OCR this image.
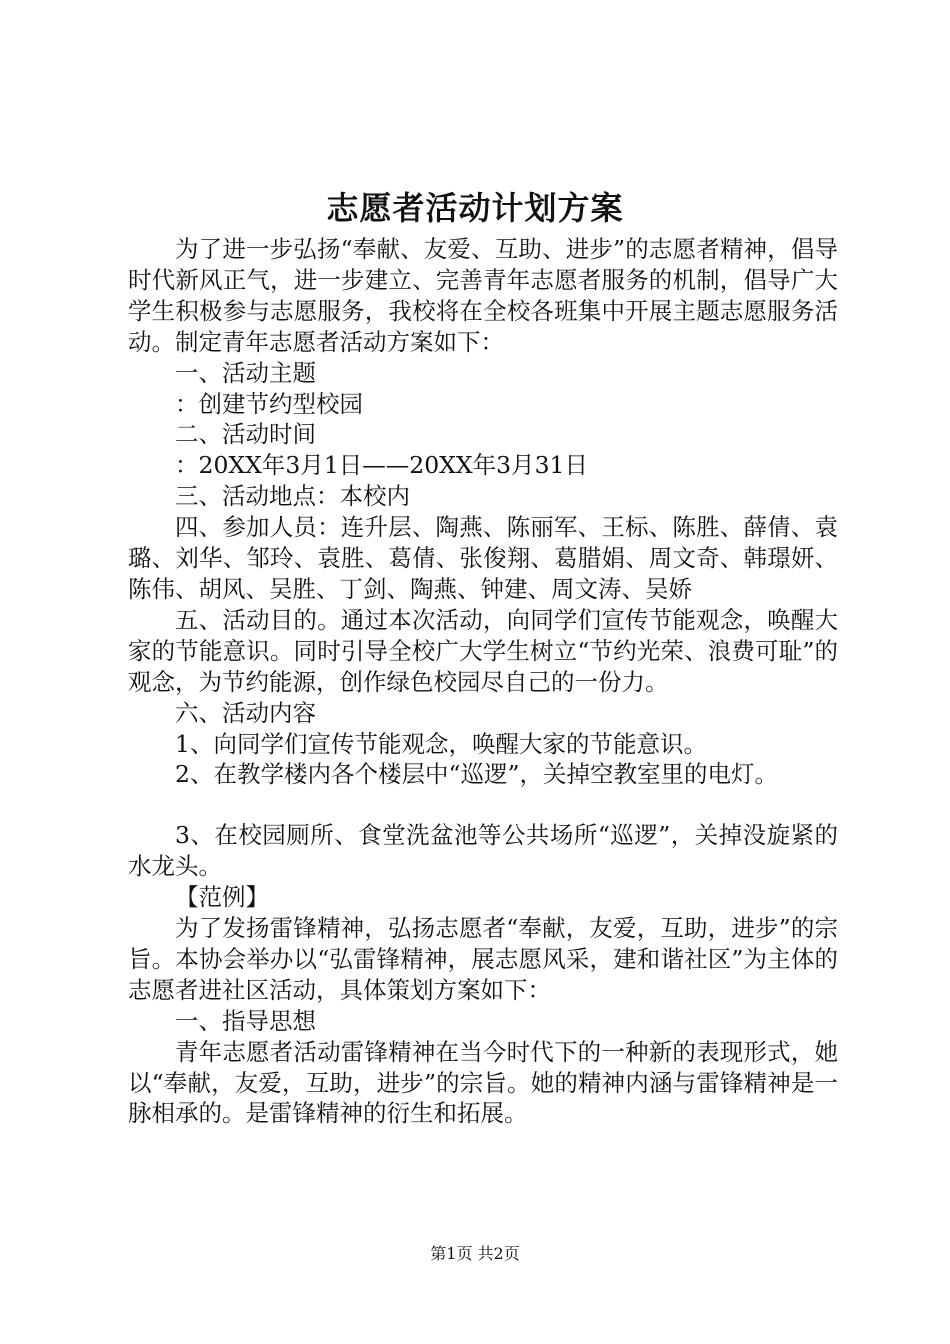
志愿者活动计划方案

为了进一步弘扬“奉献、友爱、互助、进步”的志愿者精神，倡导时代新风正气，进一步建立、完善青年志愿者服务的机制，倡导广大学生积极参与志愿服务，我校将在全校各班集中开展主题志愿服务活动。制定青年志愿者活动方案如下：

一、活动主题

：创建节约型校园

二、活动时间

：20XX年3月1日——20XX年3月31日

三、活动地点：本校内

四、参加人员：连升层、陶燕、陈丽军、王标、陈胜、薛倩、袁璐、刘华、邹玲、袁胜、葛倩、张俊翔、葛腊娟、周文奇、韩璟妍、陈伟、胡风、吴胜、丁剑、陶燕、钟建、周文涛、吴娇

五、活动目的。通过本次活动，向同学们宣传节能观念，唤醒大家的节能意识。同时引导全校广大学生树立“节约光荣、浪费可耻”的观念，为节约能源，创作绿色校园尽自己的一份力。

六、活动内容

1、向同学们宣传节能观念，唤醒大家的节能意识。

2、在教学楼内各个楼层中“巡逻”，关掉空教室里的电灯。

3、在校园厕所、食堂洗盆池等公共场所“巡逻”，关掉没旋紧的水龙头。

【范例】

为了发扬雷锋精神，弘扬志愿者“奉献，友爱，互助，进步”的宗旨。本协会举办以“弘雷锋精神，展志愿风采，建和谐社区”为主体的志愿者进社区活动，具体策划方案如下：

一、指导思想

青年志愿者活动雷锋精神在当今时代下的一种新的表现形式，她以“奉献，友爱，互助，进步”的宗旨。她的精神内涵与雷锋精神是一脉相承的。是雷锋精神的衍生和拓展。

第1页 共2页
